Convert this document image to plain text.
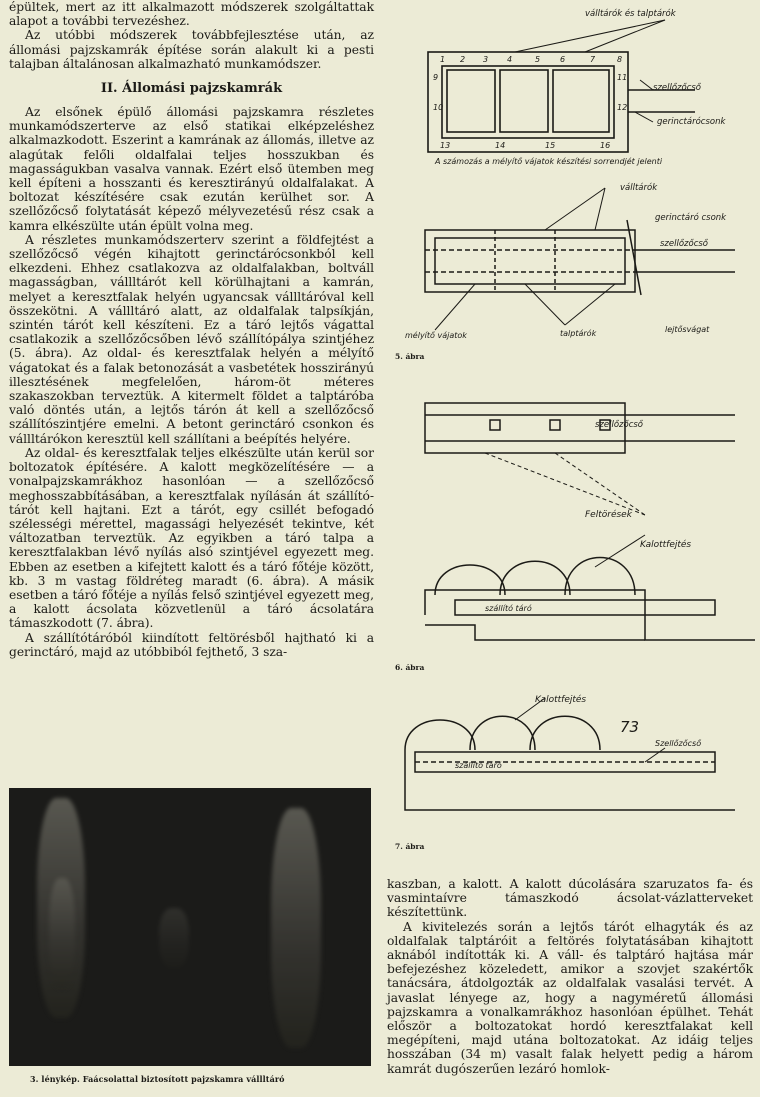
épültek, mert az itt alkalmazott módszerek szolgáltattak alapot a további tervezéshez.

Az utóbbi módszerek továbbfejlesztése után, az állomási pajzskamrák építése során alakult ki a pesti talajban általánosan alkalmazható munkamódszer.

II. Állomási pajzskamrák

Az elsőnek épülő állomási pajzskamra részletes munkamódszerterve az első statikai elképzeléshez alkalmazkodott. Eszerint a kamrának az állomás, illetve az alagútak felőli oldalfalai teljes hosszukban és magasságukban vasalva vannak. Ezért első ütemben meg kell építeni a hosszanti és keresztirányú oldalfalakat. A boltozat készítésére csak ezután kerülhet sor. A szellőzőcső folytatását képező mélyvezetésű rész csak a kamra elkészülte után épült volna meg.

A részletes munkamódszerterv szerint a földfejtést a szellőzőcső végén kihajtott gerinctárócsonkból kell elkezdeni. Ehhez csatlakozva az oldalfalakban, boltváll magasságban, vállltárót kell körülhajtani a kamrán, melyet a keresztfalak helyén ugyancsak vállltáróval kell összekötni. A vállltáró alatt, az oldalfalak talpsíkján, szintén tárót kell készíteni. Ez a táró lejtős vágattal csatlakozik a szellőzőcsőben lévő szállítópálya szintjéhez (5. ábra). Az oldal- és keresztfalak helyén a mélyítő vágatokat és a falak betonozását a vasbetétek hosszirányú illesztésének megfelelően, három-öt méteres szakaszokban terveztük. A kitermelt földet a talptáróba való döntés után, a lejtős tárón át kell a szellőzőcső szállítószintjére emelni. A betont gerinctáró csonkon és vállltárókon keresztül kell szállítani a beépítés helyére.

Az oldal- és keresztfalak teljes elkészülte után kerül sor boltozatok építésére. A kalott megközelítésére — a vonalpajzskamrákhoz hasonlóan — a szellőzőcső meghosszabbításában, a keresztfalak nyílásán át szállító-tárót kell hajtani. Ezt a tárót, egy csillét befogadó szélességi mérettel, magassági helyezését tekintve, két változatban terveztük. Az egyikben a táró talpa a keresztfalakban lévő nyílás alsó szintjével egyezett meg. Ebben az esetben a kifejtett kalott és a táró főtéje között, kb. 3 m vastag földréteg maradt (6. ábra). A másik esetben a táró főtéje a nyílás felső szintjével egyezett meg, a kalott ácsolata közvetlenül a táró ácsolatára támaszkodott (7. ábra).

A szállítótáróból kiindított feltörésből hajtható ki a gerinctáró, majd az utóbbiból fejthető, 3 sza-

3. lénykép. Faácsolattal biztosított pajzskamra vállltáró
1 2 3 4	5 6	7	8
9
10
11
12
13	14	15	16
válltárók és talptárók
szellőzőcső
gerinctárócsonk
A számozás a mélyítő vájatok készítési sorrendjét jelenti
válltárók
gerinctáró csonk
szellőzőcső
mélyítő vájatok	talptárók	lejtősvágat
5. ábra
szellőzőcső
Feltörések
Kalottfejtés
szállító táró
6. ábra
Kalottfejtés
szállító táró
Szellőzőcső
73
7. ábra

kaszban, a kalott. A kalott dúcolására szaruzatos fa- és vasmintaívre támaszkodó ácsolat-vázlatterveket készítettünk.

A kivitelezés során a lejtős tárót elhagyták és az oldalfalak talptáróit a feltörés folytatásában kihajtott aknából indították ki. A váll- és talptáró hajtása már befejezéshez közeledett, amikor a szovjet szakértők tanácsára, átdolgozták az oldalfalak vasalási tervét. A javaslat lényege az, hogy a nagyméretű állomási pajzskamra a vonalkamrákhoz hasonlóan épülhet. Tehát először a boltozatokat hordó keresztfalakat kell megépíteni, majd utána boltozatokat. Az idáig teljes hosszában (34 m) vasalt falak helyett pedig a három kamrát dugószerűen lezáró homlok-
